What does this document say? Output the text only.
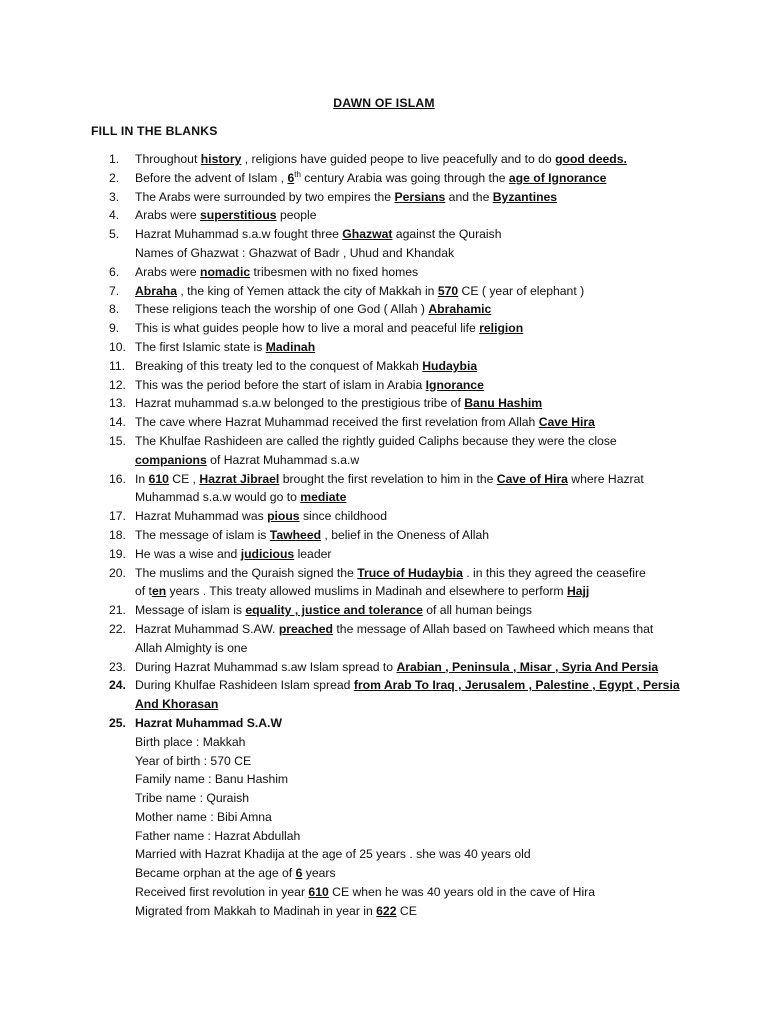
DAWN OF ISLAM
FILL IN THE BLANKS
1.	Throughout history , religions have guided peope to live peacefully and to do good deeds.
2.	Before the advent of Islam , 6th century Arabia was going through the age of Ignorance
3.	The Arabs were surrounded by two empires the Persians and the Byzantines
4.	Arabs were superstitious people
5.	Hazrat Muhammad s.a.w fought three Ghazwat against the Quraish
Names of Ghazwat : Ghazwat of Badr , Uhud and Khandak
6.	Arabs were nomadic tribesmen with no fixed homes
7.	Abraha , the king of Yemen attack the city of Makkah in 570 CE ( year of elephant )
8.	These religions teach the worship of one God ( Allah ) Abrahamic
9.	This is what guides people how to live a moral and peaceful life religion
10. The first Islamic state is Madinah
11. Breaking of this treaty led to the conquest of Makkah Hudaybia
12. This was the period before the start of islam in Arabia Ignorance
13. Hazrat muhammad s.a.w belonged to the prestigious tribe of Banu Hashim
14. The cave where Hazrat Muhammad received the first revelation from Allah Cave Hira
15. The Khulfae Rashideen are called the rightly guided Caliphs because they were the close
companions of Hazrat Muhammad s.a.w
16. In 610 CE , Hazrat Jibrael brought the first revelation to him in the Cave of Hira where Hazrat
Muhammad s.a.w would go to mediate
17. Hazrat Muhammad was pious since childhood
18. The message of islam is Tawheed , belief in the Oneness of Allah
19. He was a wise and judicious leader
20. The muslims and the Quraish signed the Truce of Hudaybia . in this they agreed the ceasefire
of ten years . This treaty allowed muslims in Madinah and elsewhere to perform Hajj
21. Message of islam is equality , justice and tolerance of all human beings
22. Hazrat Muhammad S.AW. preached the message of Allah based on Tawheed which means that
Allah Almighty is one
23. During Hazrat Muhammad s.aw Islam spread to Arabian , Peninsula , Misar , Syria And Persia
24. During Khulfae Rashideen Islam spread from Arab To Iraq , Jerusalem , Palestine , Egypt , Persia
And Khorasan
25. Hazrat Muhammad S.A.W
Birth place : Makkah
Year of birth : 570 CE
Family name : Banu Hashim
Tribe name : Quraish
Mother name : Bibi Amna
Father name : Hazrat Abdullah
Married with Hazrat Khadija at the age of 25 years . she was 40 years old
Became orphan at the age of 6 years
Received first revolution in year 610 CE when he was 40 years old in the cave of Hira
Migrated from Makkah to Madinah in year in 622 CE
